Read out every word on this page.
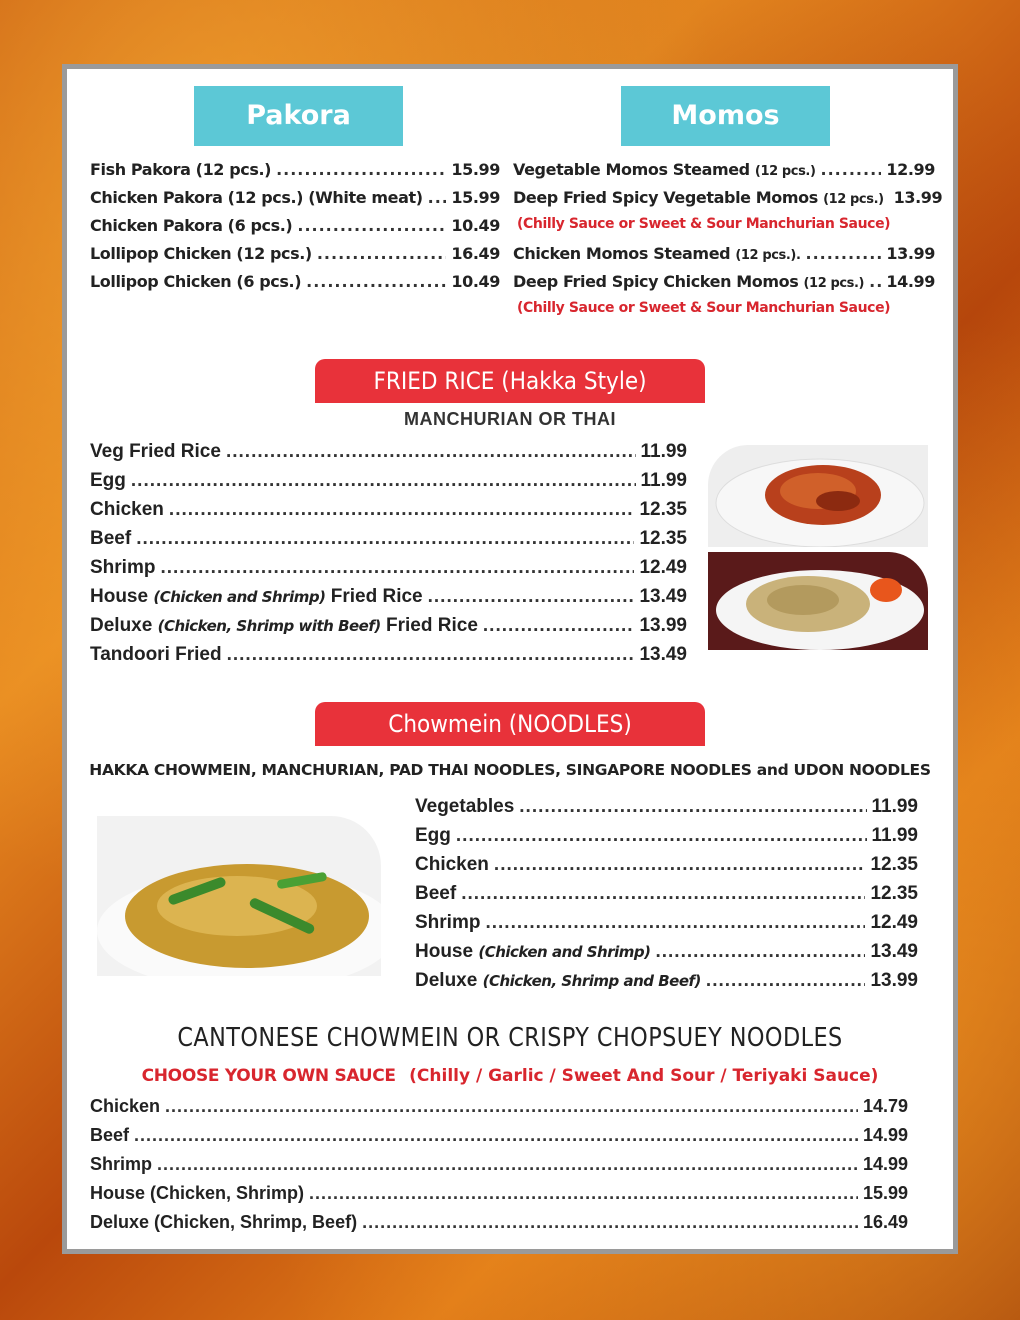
Pakora
Fish Pakora (12 pcs.) .....	15.99
Chicken Pakora (12 pcs.) (White meat) ..... 15.99
Chicken Pakora (6 pcs.) .....	10.49
Lollipop Chicken (12 pcs.) .....	16.49
Lollipop Chicken (6 pcs.) .....	10.49
Momos
Vegetable Momos Steamed (12 pcs.) .....	12.99
Deep Fried Spicy Vegetable Momos (12 pcs.) 13.99
(Chilly Sauce or Sweet & Sour Manchurian Sauce)
Chicken Momos Steamed (12 pcs.). .....	13.99
Deep Fried Spicy Chicken Momos (12 pcs.) ..... 14.99
(Chilly Sauce or Sweet & Sour Manchurian Sauce)
FRIED RICE (Hakka Style)
MANCHURIAN OR THAI
Veg Fried Rice .....	11.99
Egg .....	11.99
Chicken .....	12.35
Beef .....	12.35
Shrimp .....	12.49
House (Chicken and Shrimp) Fried Rice .....	13.49
Deluxe (Chicken, Shrimp with Beef) Fried Rice .....	13.99
Tandoori Fried .....	13.49
Chowmein (NOODLES)
HAKKA CHOWMEIN, MANCHURIAN, PAD THAI NOODLES, SINGAPORE NOODLES and UDON NOODLES
Vegetables .....	11.99
Egg .....	11.99
Chicken .....	12.35
Beef .....	12.35
Shrimp .....	12.49
House (Chicken and Shrimp) .....	13.49
Deluxe (Chicken, Shrimp and Beef) .....	13.99
CANTONESE CHOWMEIN OR CRISPY CHOPSUEY NOODLES
CHOOSE YOUR OWN SAUCE (Chilly / Garlic / Sweet And Sour / Teriyaki Sauce)
Chicken .....	14.79
Beef .....	14.99
Shrimp .....	14.99
House (Chicken, Shrimp) .....	15.99
Deluxe (Chicken, Shrimp, Beef) .....	16.49
